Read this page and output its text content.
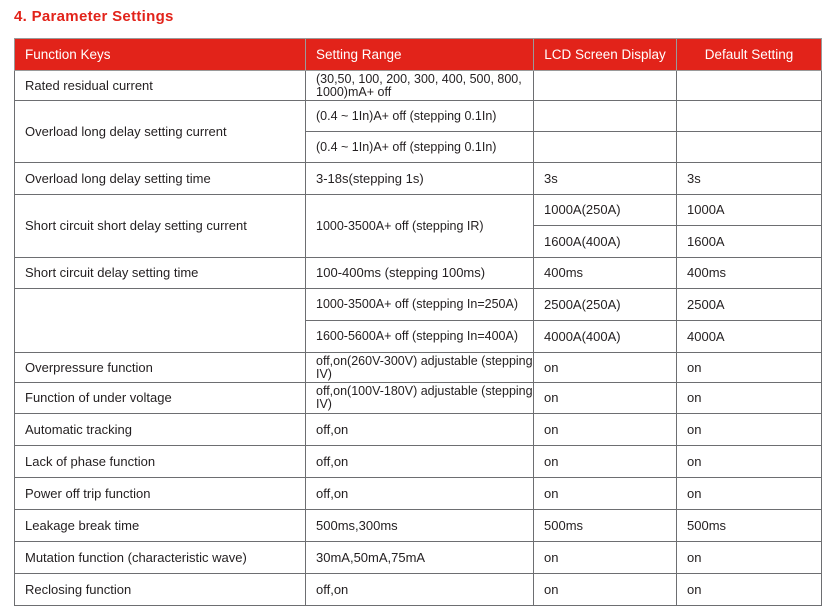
4. Parameter Settings
Function Keys	Setting Range	LCD Screen Display	Default Setting
Rated residual current	(30,50, 100, 200, 300, 400, 500, 800, 1000)mA+ off		

Overload long delay setting current	(0.4 ~ 1In)A+ off (stepping 0.1In)		

	(0.4 ~ 1In)A+ off (stepping 0.1In)		

Overload long delay setting time	3-18s(stepping 1s)	3s	3s
Short circuit short delay setting current	1000-3500A+ off (stepping IR)	1000A(250A)	1000A
		1600A(400A)	1600A
Short circuit delay setting time	100-400ms (stepping 100ms)	400ms	400ms

	1000-3500A+ off (stepping In=250A)	2500A(250A)	2500A

	1600-5600A+ off (stepping In=400A)	4000A(400A)	4000A
Overpressure function	off,on(260V-300V) adjustable (stepping IV)	on	on
Function of under voltage	off,on(100V-180V) adjustable (stepping IV)	on	on
Automatic tracking	off,on	on	on
Lack of phase function	off,on	on	on
Power off trip function	off,on	on	on
Leakage break time	500ms,300ms	500ms	500ms
Mutation function (characteristic wave)	30mA,50mA,75mA	on	on
Reclosing function	off,on	on	on
